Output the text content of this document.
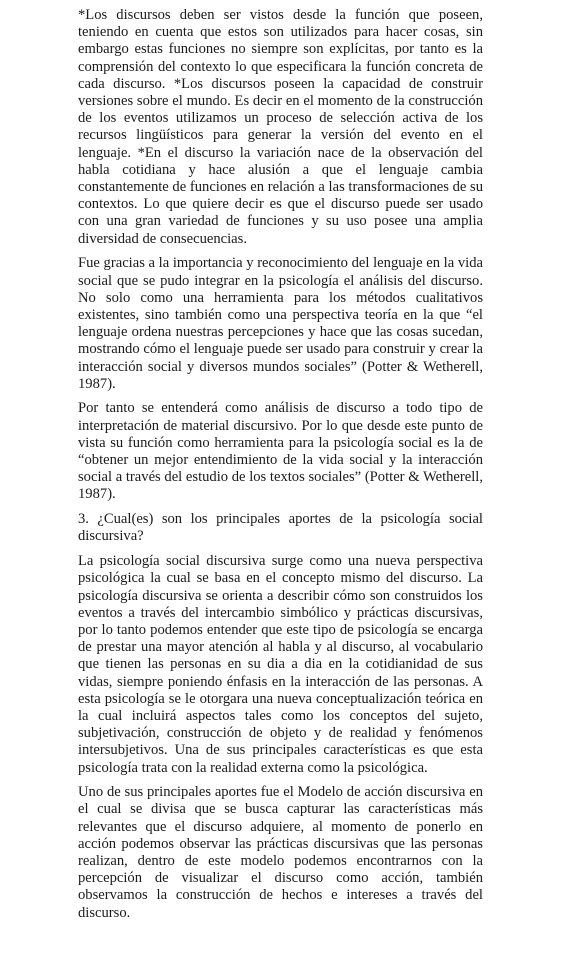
*Los discursos deben ser vistos desde la función que poseen, teniendo en cuenta que estos son utilizados para hacer cosas, sin embargo estas funciones no siempre son explícitas, por tanto es la comprensión del contexto lo que especificara la función concreta de cada discurso. *Los discursos poseen la capacidad de construir versiones sobre el mundo. Es decir en el momento de la construcción de los eventos utilizamos un proceso de selección activa de los recursos lingüísticos para generar la versión del evento en el lenguaje. *En el discurso la variación nace de la observación del habla cotidiana y hace alusión a que el lenguaje cambia constantemente de funciones en relación a las transformaciones de su contextos. Lo que quiere decir es que el discurso puede ser usado con una gran variedad de funciones y su uso posee una amplia diversidad de consecuencias.

Fue gracias a la importancia y reconocimiento del lenguaje en la vida social que se pudo integrar en la psicología el análisis del discurso. No solo como una herramienta para los métodos cualitativos existentes, sino también como una perspectiva teoría en la que “el lenguaje ordena nuestras percepciones y hace que las cosas sucedan, mostrando cómo el lenguaje puede ser usado para construir y crear la interacción social y diversos mundos sociales” (Potter & Wetherell, 1987).

Por tanto se entenderá como análisis de discurso a todo tipo de interpretación de material discursivo. Por lo que desde este punto de vista su función como herramienta para la psicología social es la de “obtener un mejor entendimiento de la vida social y la interacción social a través del estudio de los textos sociales” (Potter & Wetherell, 1987).

3. ¿Cual(es) son los principales aportes de la psicología social discursiva?

La psicología social discursiva surge como una nueva perspectiva psicológica la cual se basa en el concepto mismo del discurso. La psicología discursiva se orienta a describir cómo son construidos los eventos a través del intercambio simbólico y prácticas discursivas, por lo tanto podemos entender que este tipo de psicología se encarga de prestar una mayor atención al habla y al discurso, al vocabulario que tienen las personas en su dia a dia en la cotidianidad de sus vidas, siempre poniendo énfasis en la interacción de las personas. A esta psicología se le otorgara una nueva conceptualización teórica en la cual incluirá aspectos tales como los conceptos del sujeto, subjetivación, construcción de objeto y de realidad y fenómenos intersubjetivos. Una de sus principales características es que esta psicología trata con la realidad externa como la psicológica.

Uno de sus principales aportes fue el Modelo de acción discursiva en el cual se divisa que se busca capturar las características más relevantes que el discurso adquiere, al momento de ponerlo en acción podemos observar las prácticas discursivas que las personas realizan, dentro de este modelo podemos encontrarnos con la percepción de visualizar el discurso como acción, también observamos la construcción de hechos e intereses a través del discurso.
